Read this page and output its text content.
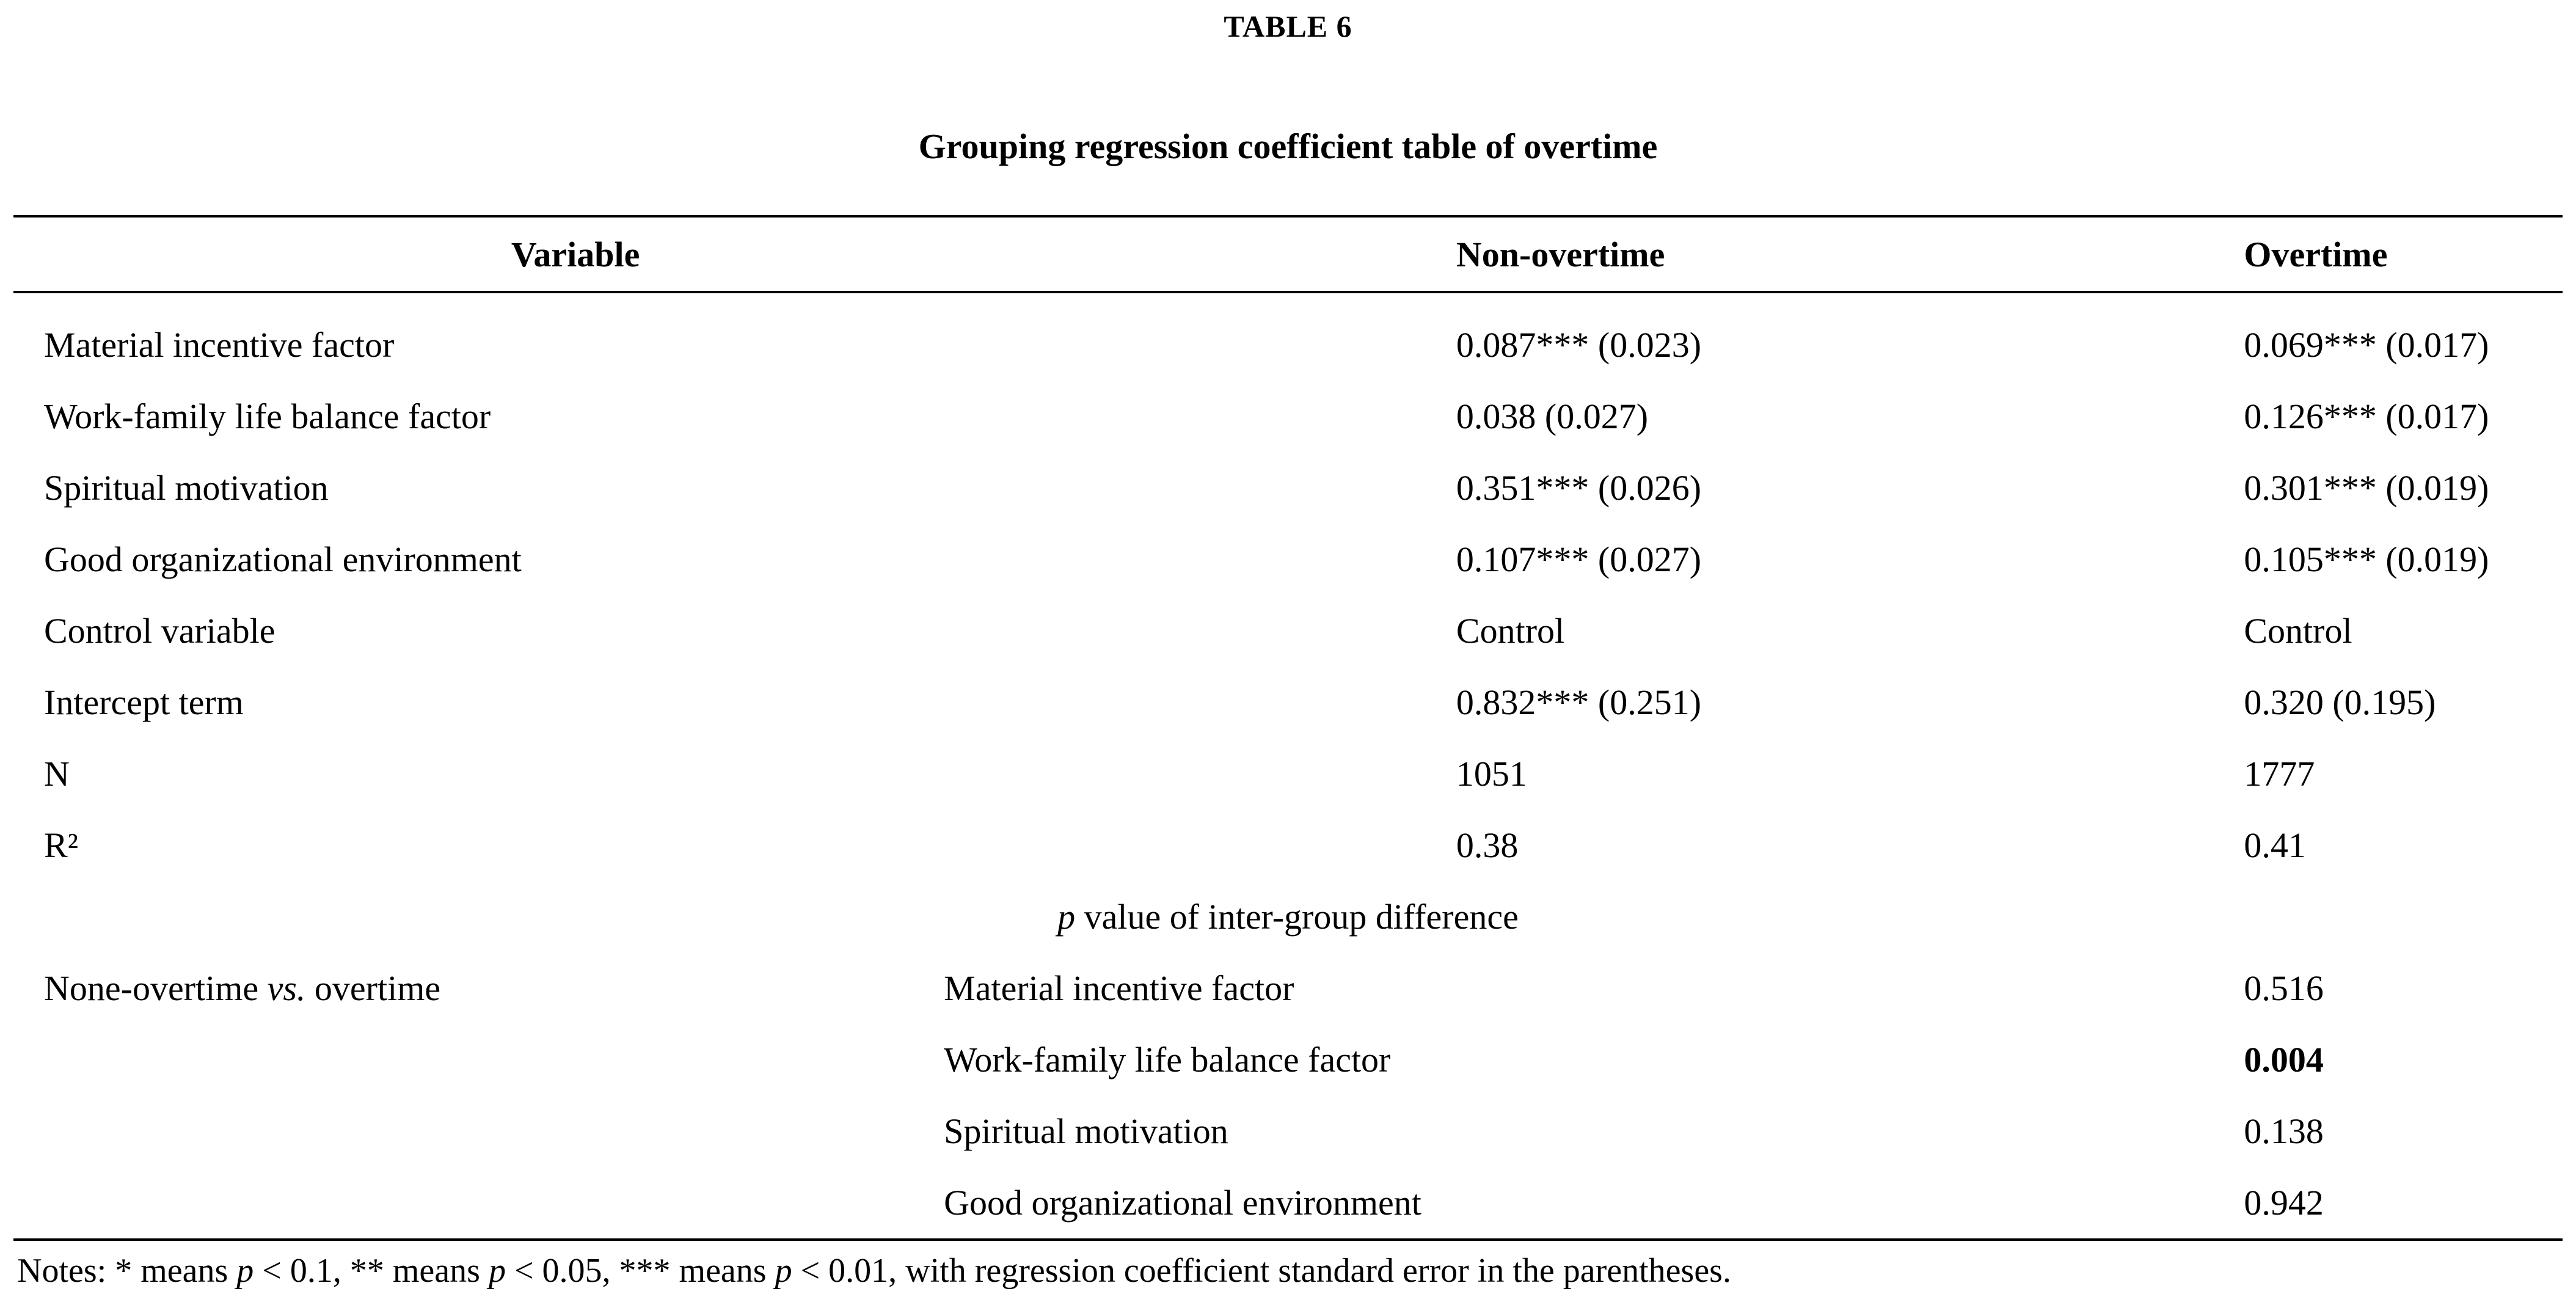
TABLE 6
Grouping regression coefficient table of overtime
Variable		Non-overtime	Overtime
Material incentive factor		0.087*** (0.023)	0.069*** (0.017)
Work-family life balance factor		0.038 (0.027)	0.126*** (0.017)
Spiritual motivation		0.351*** (0.026)	0.301*** (0.019)
Good organizational environment		0.107*** (0.027)	0.105*** (0.019)
Control variable		Control	Control
Intercept term		0.832*** (0.251)	0.320 (0.195)
N		1051	1777
R²		0.38	0.41
p value of inter-group difference			
None-overtime vs. overtime	Material incentive factor		0.516
	Work-family life balance factor		0.004
	Spiritual motivation		0.138
	Good organizational environment		0.942
Notes: * means p < 0.1, ** means p < 0.05, *** means p < 0.01, with regression coefficient standard error in the parentheses.
